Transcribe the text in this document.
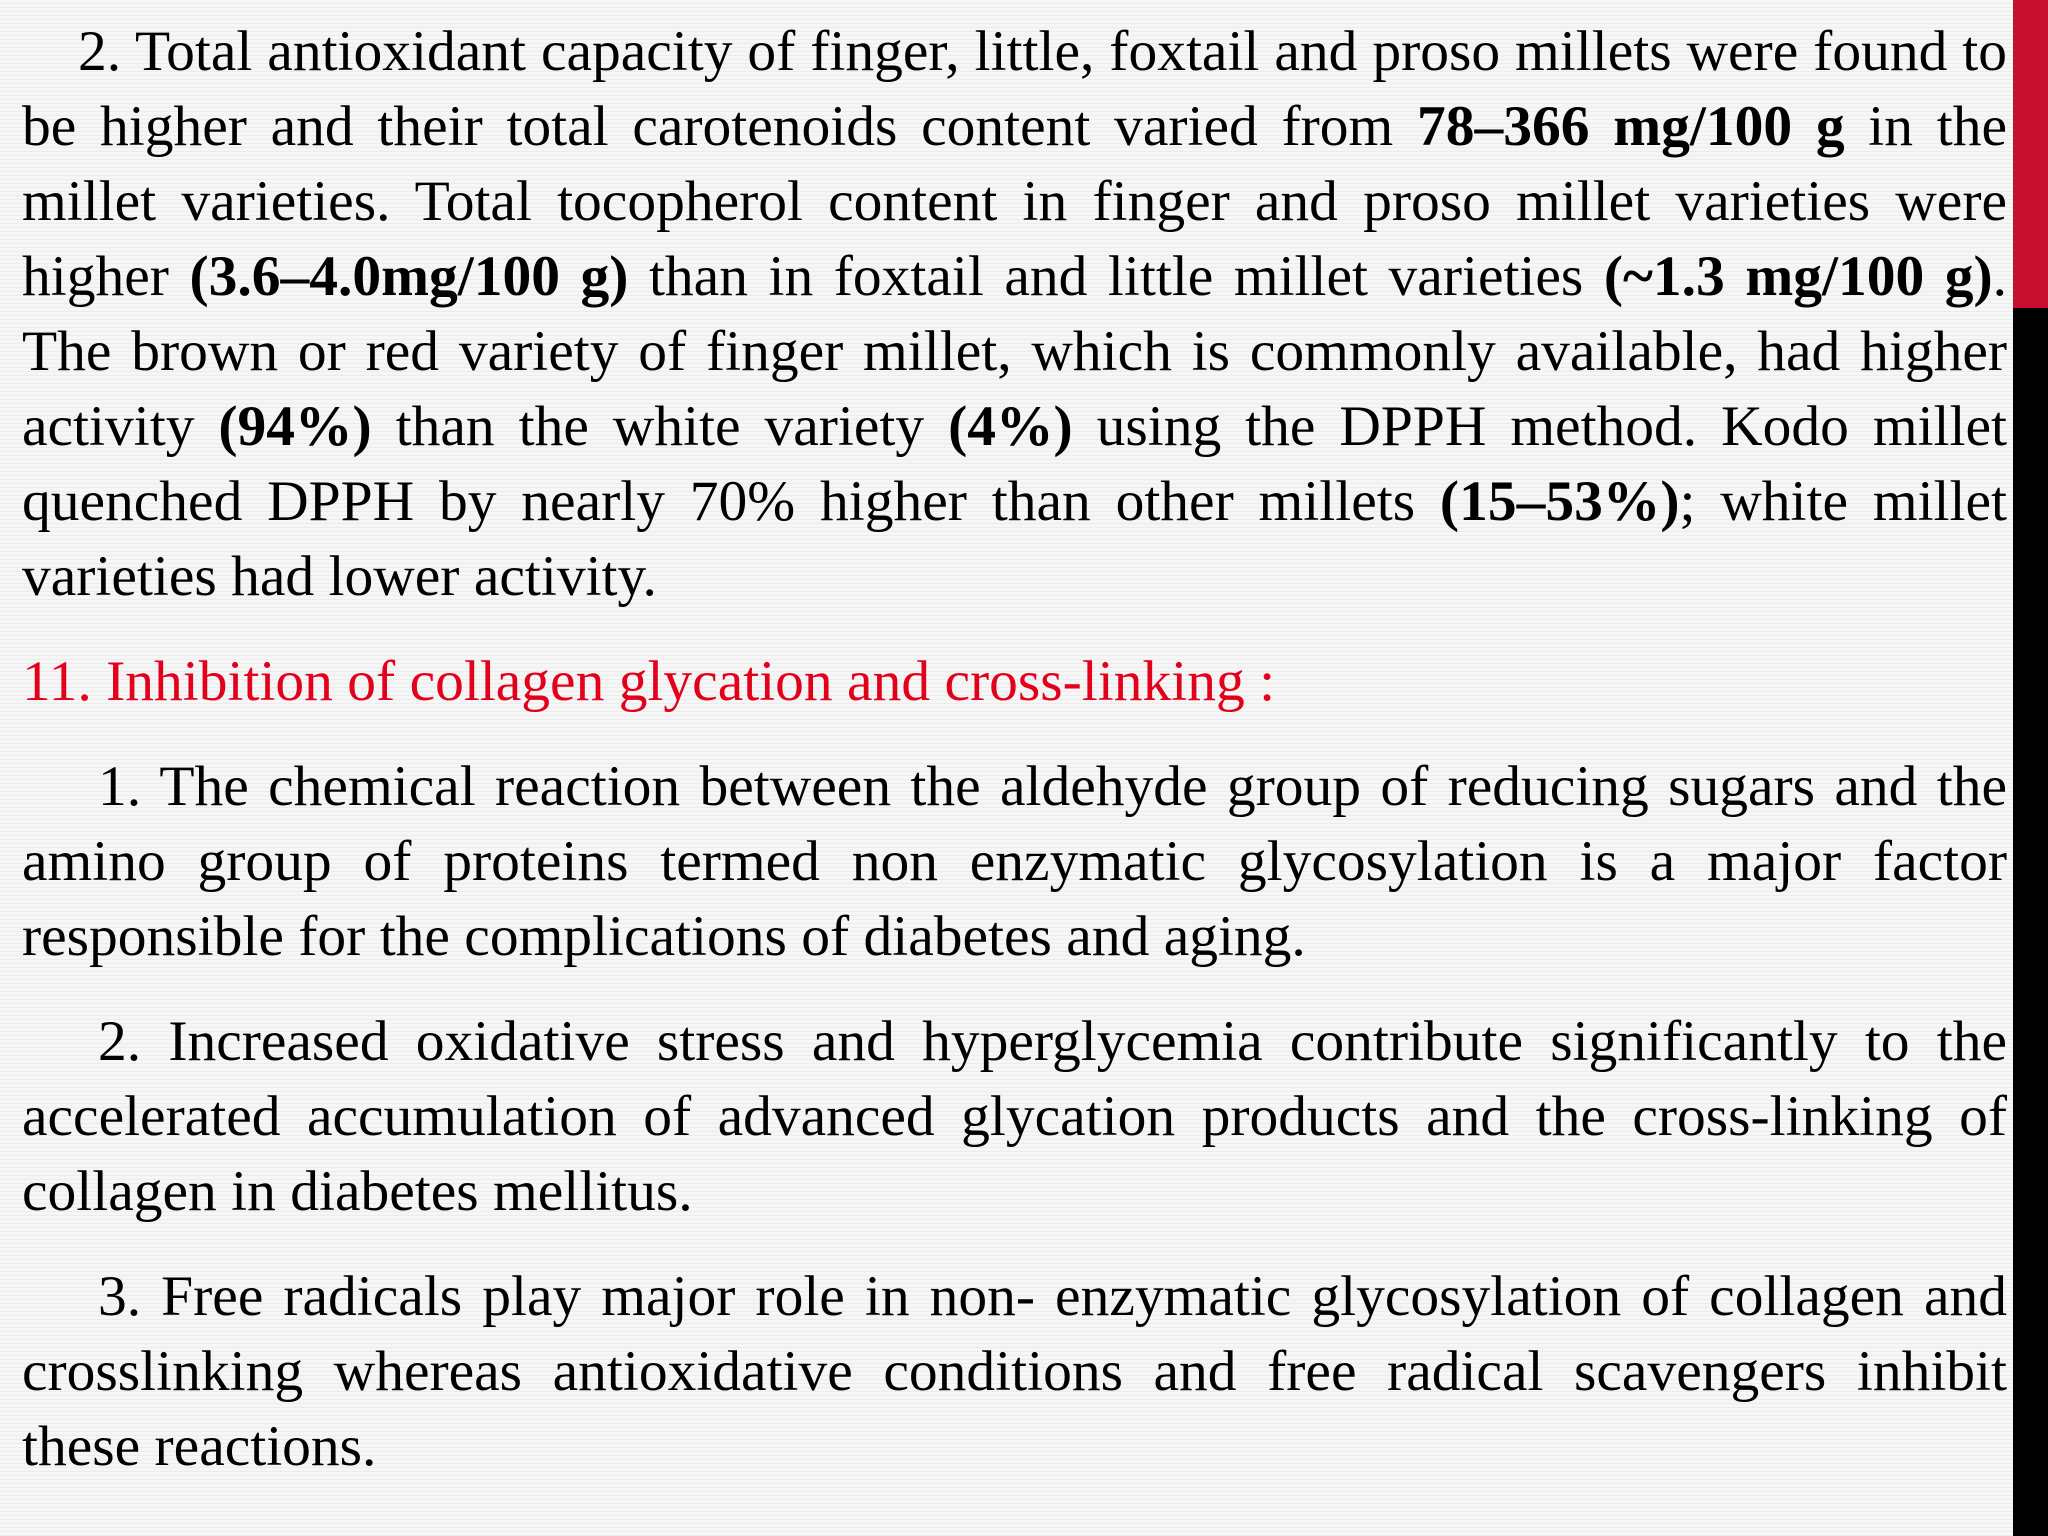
2. Total antioxidant capacity of finger, little, foxtail and proso millets were found to be higher and their total carotenoids content varied from 78–366 mg/100 g in the millet varieties. Total tocopherol content in finger and proso millet varieties were higher (3.6–4.0mg/100 g) than in foxtail and little millet varieties (~1.3 mg/100 g). The brown or red variety of finger millet, which is commonly available, had higher activity (94%) than the white variety (4%) using the DPPH method. Kodo millet quenched DPPH by nearly 70% higher than other millets (15–53%); white millet varieties had lower activity.

11. Inhibition of collagen glycation and cross-linking :

1. The chemical reaction between the aldehyde group of reducing sugars and the amino group of proteins termed non enzymatic glycosylation is a major factor responsible for the complications of diabetes and aging.

2. Increased oxidative stress and hyperglycemia contribute significantly to the accelerated accumulation of advanced glycation products and the cross-linking of collagen in diabetes mellitus.

3. Free radicals play major role in non- enzymatic glycosylation of collagen and crosslinking whereas antioxidative conditions and free radical scavengers inhibit these reactions.
